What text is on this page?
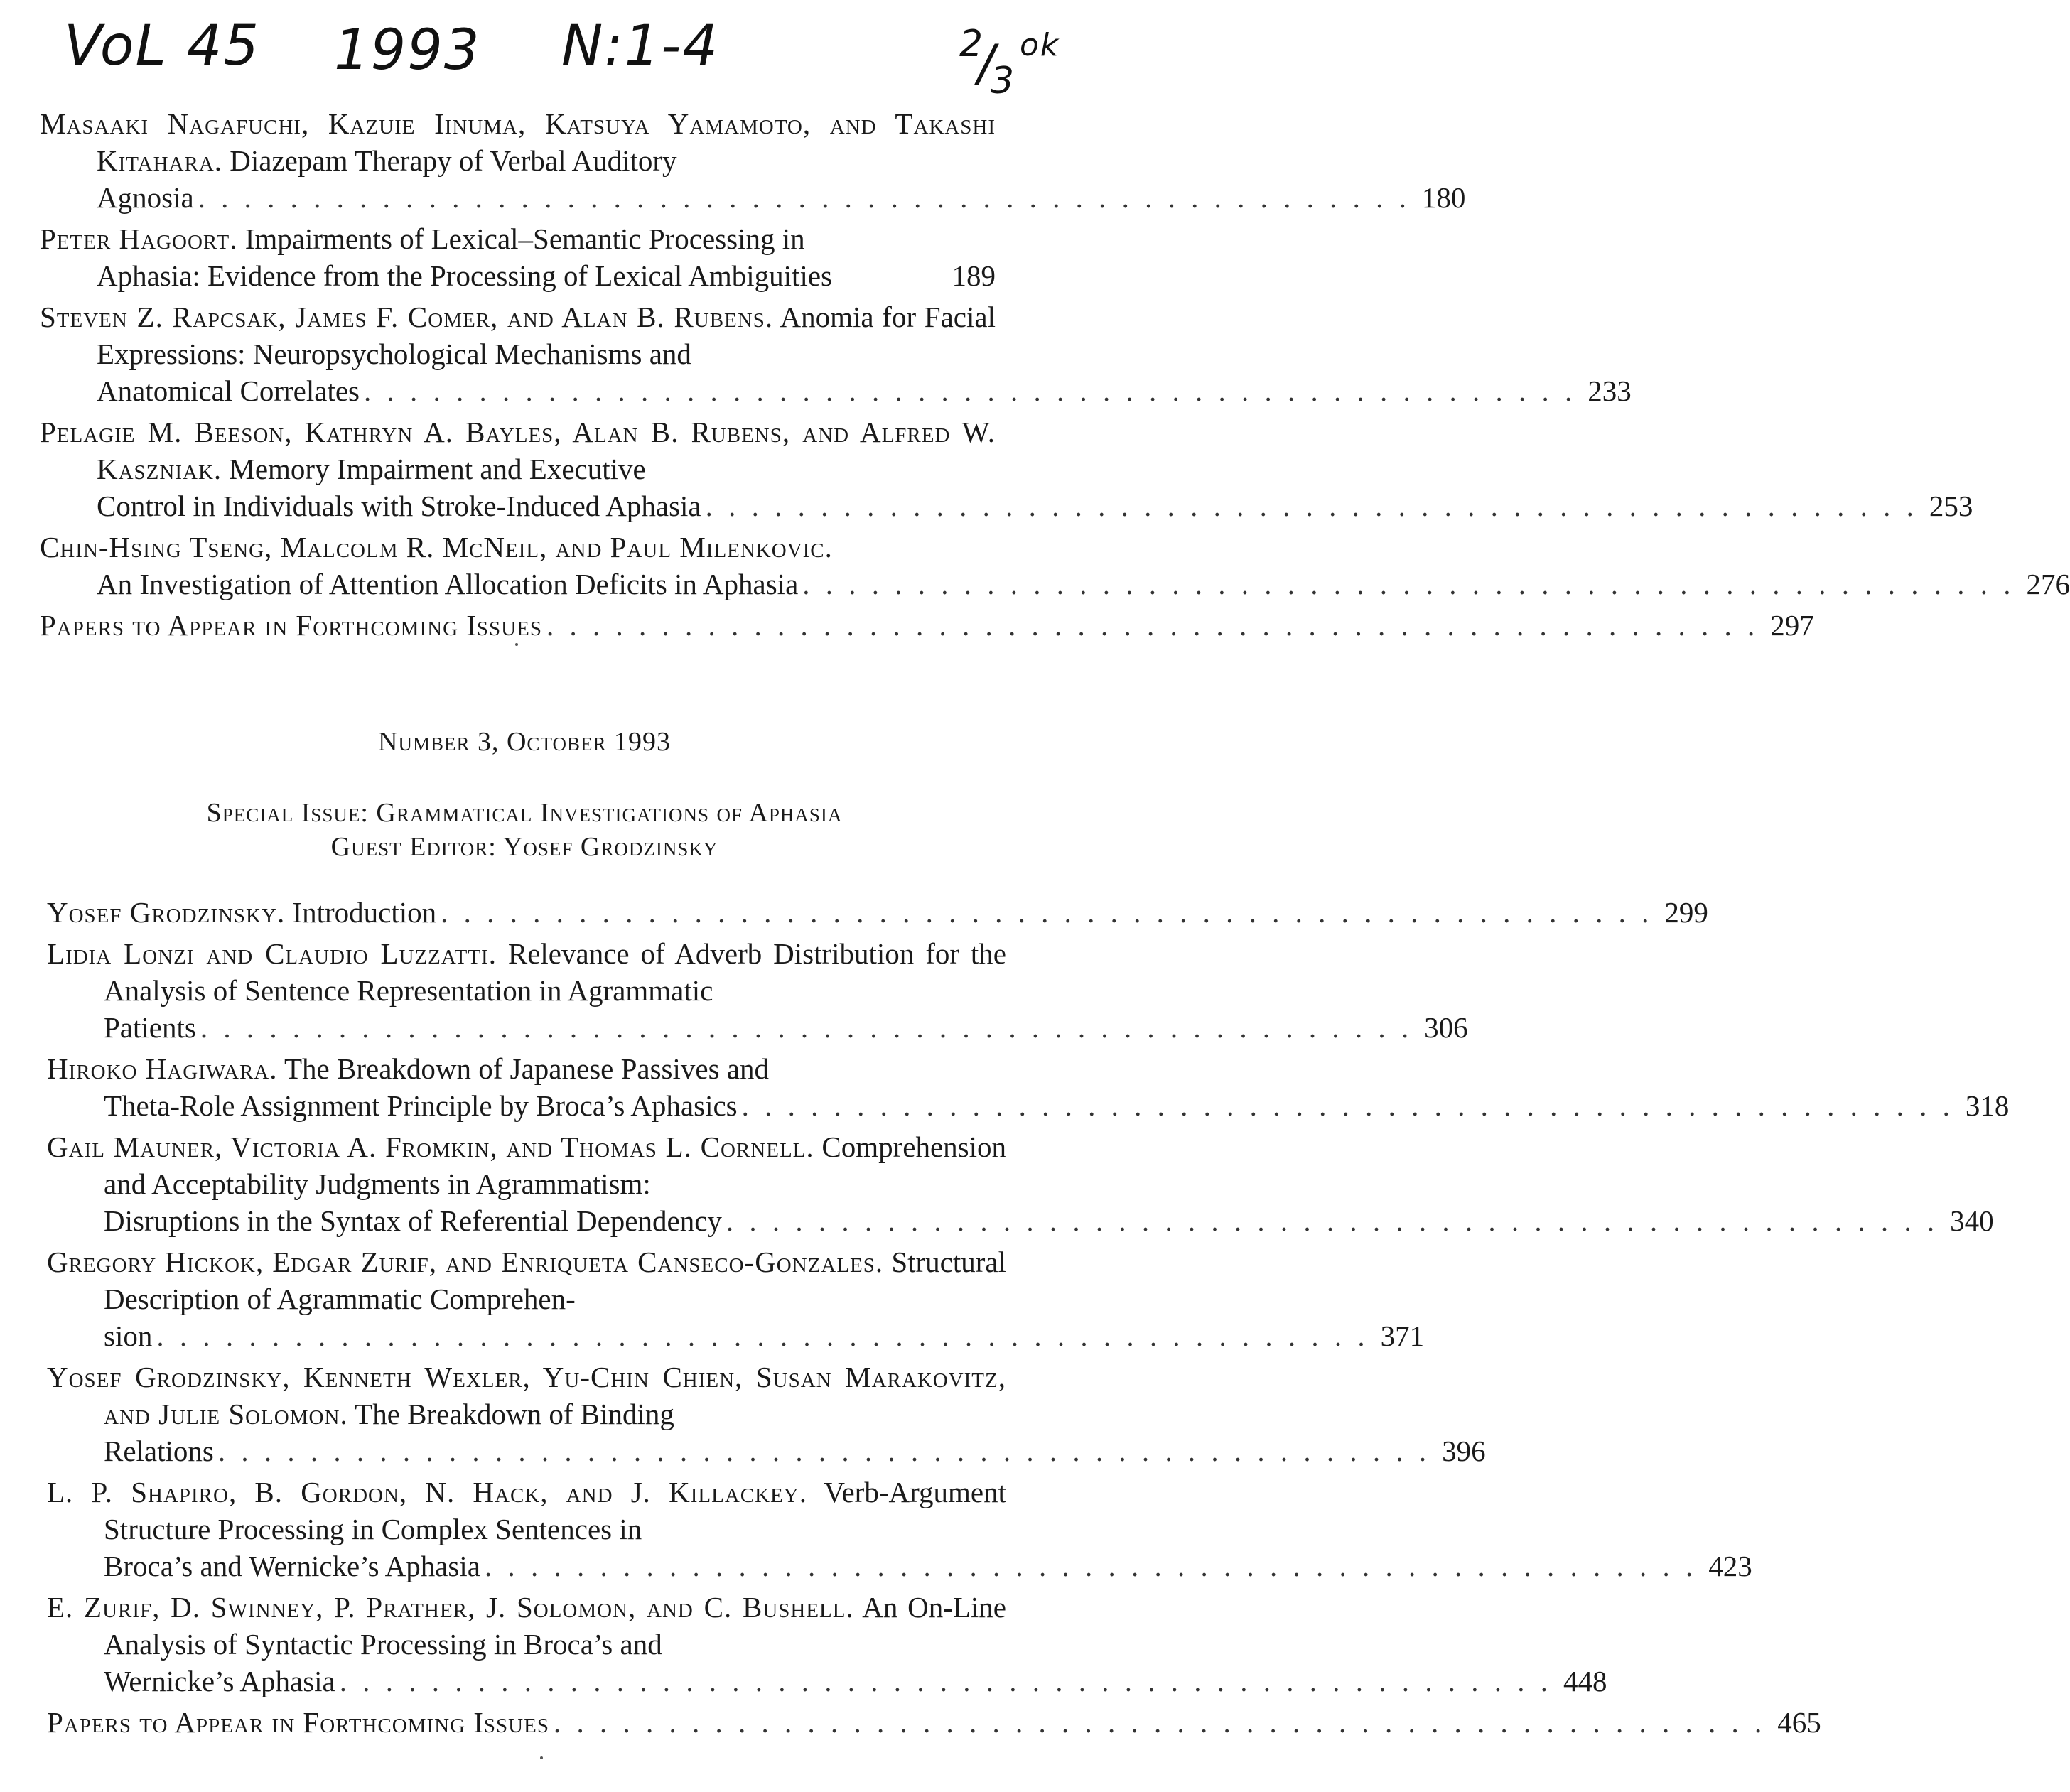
VoL 45 1993 N:1-4	2
/
3
ok
Masaaki Nagafuchi, Kazuie Iinuma, Katsuya Yamamoto, and Takashi Kitahara. Diazepam Therapy of Verbal Auditory
Agnosia . . . . . . . . . . . . . . . . . . . . . . . . . . . . . . . . . . . . . . . . . . . . . . . . . . . . . 180
Peter Hagoort. Impairments of Lexical–Semantic Processing in
Aphasia: Evidence from the Processing of Lexical Ambiguities	189
Steven Z. Rapcsak, James F. Comer, and Alan B. Rubens. Anomia for Facial Expressions: Neuropsychological Mechanisms and
Anatomical Correlates . . . . . . . . . . . . . . . . . . . . . . . . . . . . . . . . . . . . . . . . . . . . . . . . . . . . . 233
Pelagie M. Beeson, Kathryn A. Bayles, Alan B. Rubens, and Alfred W. Kaszniak. Memory Impairment and Executive
Control in Individuals with Stroke-Induced Aphasia . . . . . . . . . . . . . . . . . . . . . . . . . . . . . . . . . . . . . . . . . . . . . . . . . . . . . 253
Chin-Hsing Tseng, Malcolm R. McNeil, and Paul Milenkovic.
An Investigation of Attention Allocation Deficits in Aphasia . . . . . . . . . . . . . . . . . . . . . . . . . . . . . . . . . . . . . . . . . . . . . . . . . . . . . 276
Papers to Appear in Forthcoming Issues . . . . . . . . . . . . . . . . . . . . . . . . . . . . . . . . . . . . . . . . . . . . . . . . . . . . . 297
Number 3, October 1993
Special Issue: Grammatical Investigations of Aphasia
Guest Editor: Yosef Grodzinsky
Yosef Grodzinsky. Introduction . . . . . . . . . . . . . . . . . . . . . . . . . . . . . . . . . . . . . . . . . . . . . . . . . . . . . 299
Lidia Lonzi and Claudio Luzzatti. Relevance of Adverb Distribution for the Analysis of Sentence Representation in Agrammatic
Patients . . . . . . . . . . . . . . . . . . . . . . . . . . . . . . . . . . . . . . . . . . . . . . . . . . . . . 306
Hiroko Hagiwara. The Breakdown of Japanese Passives and
Theta-Role Assignment Principle by Broca’s Aphasics . . . . . . . . . . . . . . . . . . . . . . . . . . . . . . . . . . . . . . . . . . . . . . . . . . . . . 318
Gail Mauner, Victoria A. Fromkin, and Thomas L. Cornell. Comprehension and Acceptability Judgments in Agrammatism:
Disruptions in the Syntax of Referential Dependency . . . . . . . . . . . . . . . . . . . . . . . . . . . . . . . . . . . . . . . . . . . . . . . . . . . . . 340
Gregory Hickok, Edgar Zurif, and Enriqueta Canseco-Gonzales. Structural Description of Agrammatic Comprehen-
sion . . . . . . . . . . . . . . . . . . . . . . . . . . . . . . . . . . . . . . . . . . . . . . . . . . . . . 371
Yosef Grodzinsky, Kenneth Wexler, Yu-Chin Chien, Susan Marakovitz, and Julie Solomon. The Breakdown of Binding
Relations . . . . . . . . . . . . . . . . . . . . . . . . . . . . . . . . . . . . . . . . . . . . . . . . . . . . . 396
L. P. Shapiro, B. Gordon, N. Hack, and J. Killackey. Verb-Argument Structure Processing in Complex Sentences in
Broca’s and Wernicke’s Aphasia . . . . . . . . . . . . . . . . . . . . . . . . . . . . . . . . . . . . . . . . . . . . . . . . . . . . . 423
E. Zurif, D. Swinney, P. Prather, J. Solomon, and C. Bushell. An On-Line Analysis of Syntactic Processing in Broca’s and
Wernicke’s Aphasia . . . . . . . . . . . . . . . . . . . . . . . . . . . . . . . . . . . . . . . . . . . . . . . . . . . . . 448
Papers to Appear in Forthcoming Issues . . . . . . . . . . . . . . . . . . . . . . . . . . . . . . . . . . . . . . . . . . . . . . . . . . . . . 465
